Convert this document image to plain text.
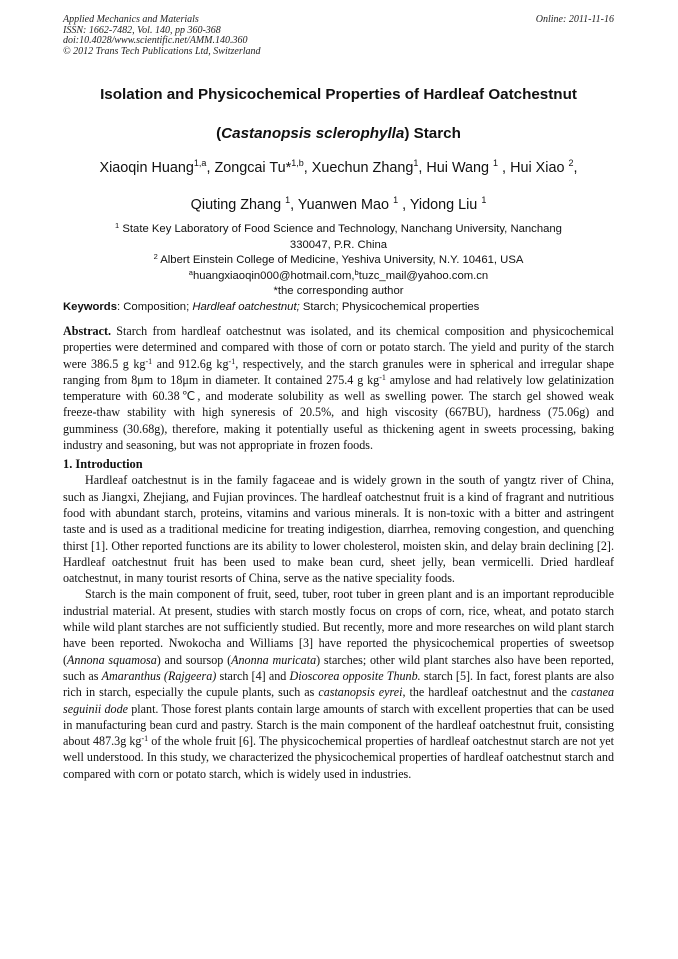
Applied Mechanics and Materials
ISSN: 1662-7482, Vol. 140, pp 360-368
doi:10.4028/www.scientific.net/AMM.140.360
© 2012 Trans Tech Publications Ltd, Switzerland
Online: 2011-11-16
Isolation and Physicochemical Properties of Hardleaf Oatchestnut
(Castanopsis sclerophylla) Starch
Xiaoqin Huang$^{1,a}$, Zongcai Tu*$^{1,b}$, Xuechun Zhang$^1$, Hui Wang $^1$ , Hui Xiao $^2$,
Qiuting Zhang $^1$, Yuanwen Mao $^1$ , Yidong Liu $^1$
$^1$ State Key Laboratory of Food Science and Technology, Nanchang University, Nanchang
330047, P.R. China
$^2$ Albert Einstein College of Medicine, Yeshiva University, N.Y. 10461, USA
$^a$huangxiaoqin000@hotmail.com,$^b$tuzc_mail@yahoo.com.cn
*the corresponding author
Keywords: Composition; Hardleaf oatchestnut; Starch; Physicochemical properties

Abstract. Starch from hardleaf oatchestnut was isolated, and its chemical composition and physicochemical properties were determined and compared with those of corn or potato starch. The yield and purity of the starch were 386.5 g $kg^{-1}$ and 912.6g $kg^{-1}$, respectively, and the starch granules were in spherical and irregular shape ranging from 8μm to 18μm in diameter. It contained 275.4 g $kg^{-1}$ amylose and had relatively low gelatinization temperature with 60.38℃, and moderate solubility as well as swelling power. The starch gel showed weak freeze-thaw stability with high syneresis of 20.5%, and high viscosity (667BU), hardness (75.06g) and gumminess (30.68g), therefore, making it potentially useful as thickening agent in sweets processing, baking industry and seasoning, but was not appropriate in frozen foods.

1. Introduction

Hardleaf oatchestnut is in the family fagaceae and is widely grown in the south of yangtz river of China, such as Jiangxi, Zhejiang, and Fujian provinces. The hardleaf oatchestnut fruit is a kind of fragrant and nutritious food with abundant starch, proteins, vitamins and various minerals. It is non-toxic with a bitter and astringent taste and is used as a traditional medicine for treating indigestion, diarrhea, removing congestion, and quenching thirst [1]. Other reported functions are its ability to lower cholesterol, moisten skin, and delay brain declining [2]. Hardleaf oatchestnut fruit has been used to make bean curd, sheet jelly, bean vermicelli. Dried hardleaf oatchestnut, in many tourist resorts of China, serve as the native speciality foods.

Starch is the main component of fruit, seed, tuber, root tuber in green plant and is an important reproducible industrial material. At present, studies with starch mostly focus on crops of corn, rice, wheat, and potato starch while wild plant starches are not sufficiently studied. But recently, more and more researches on wild plant starch have been reported. Nwokocha and Williams [3] have reported the physicochemical properties of sweetsop (Annona squamosa) and soursop (Anonna muricata) starches; other wild plant starches also have been reported, such as Amaranthus (Rajgeera) starch [4] and Dioscorea opposite Thunb. starch [5]. In fact, forest plants are also rich in starch, especially the cupule plants, such as castanopsis eyrei, the hardleaf oatchestnut and the castanea seguinii dode plant. Those forest plants contain large amounts of starch with excellent properties that can be used in manufacturing bean curd and pastry. Starch is the main component of the hardleaf oatchestnut fruit, consisting about 487.3g $kg^{-1}$ of the whole fruit [6]. The physicochemical properties of hardleaf oatchestnut starch are not yet well understood. In this study, we characterized the physicochemical properties of hardleaf oatchestnut starch and compared with corn or potato starch, which is widely used in industries.
